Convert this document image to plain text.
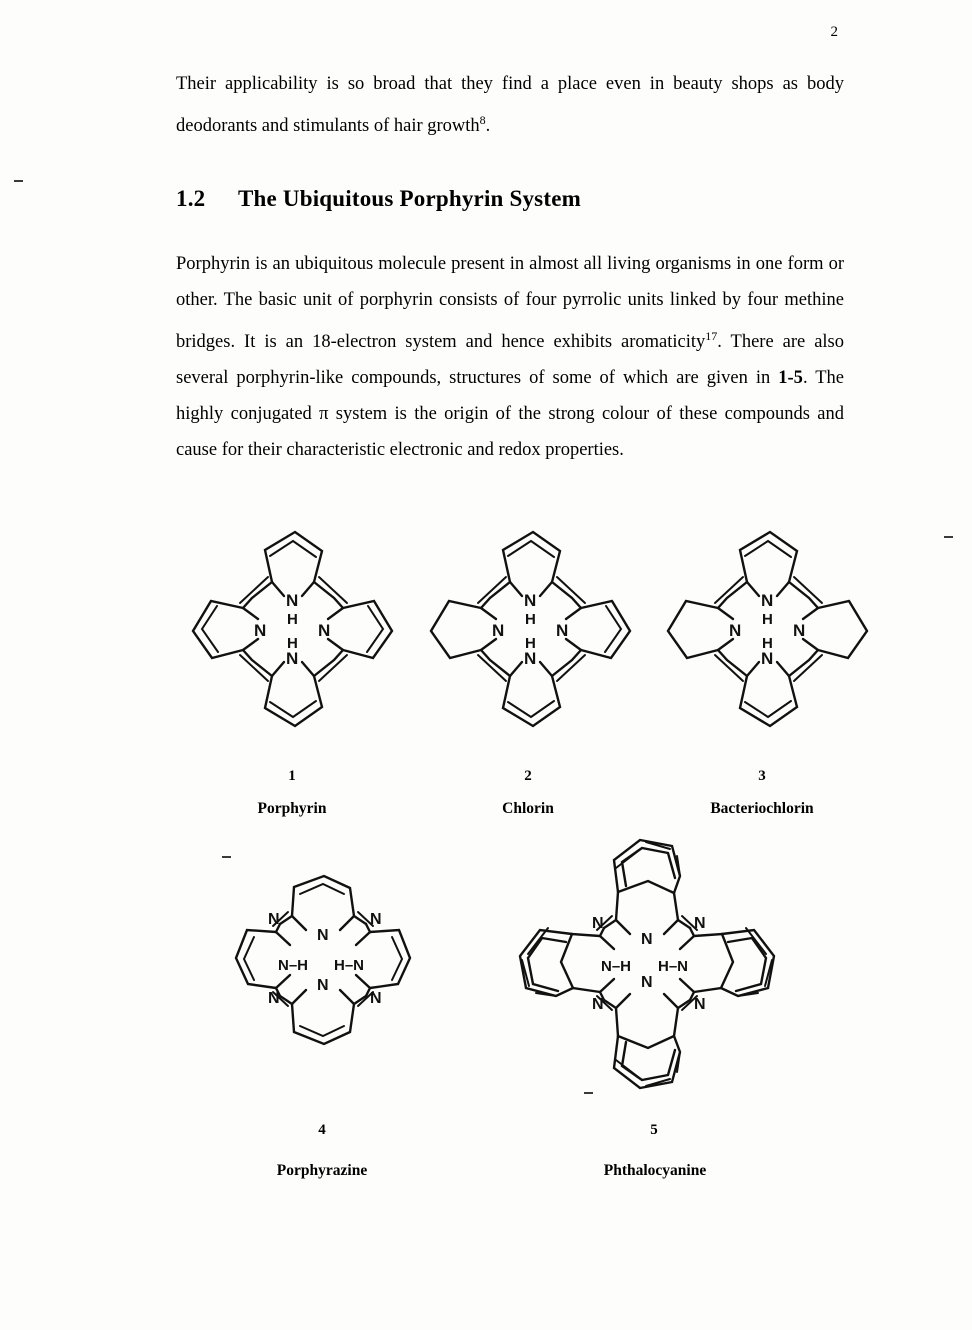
2

Their applicability is so broad that they find a place even in beauty shops as body deodorants and stimulants of hair growth$^8$.

1.2 The Ubiquitous Porphyrin System

Porphyrin is an ubiquitous molecule present in almost all living organisms in one form or other. The basic unit of porphyrin consists of four pyrrolic units linked by four methine bridges. It is an 18-electron system and hence exhibits aromaticity$^{17}$. There are also several porphyrin-like compounds, structures of some of which are given in 1-5. The highly conjugated π system is the origin of the strong colour of these compounds and cause for their characteristic electronic and redox properties.

N
N
N	N
H
H
N
N
N	N
H
H
N
N
N	N
H
H
1
Porphyrin
2
Chlorin
3
Bacteriochlorin
N
N
N	N
N	N
N–H H–N
N
N
N	N
N	N
N–H H–N
4
Porphyrazine
5
Phthalocyanine
